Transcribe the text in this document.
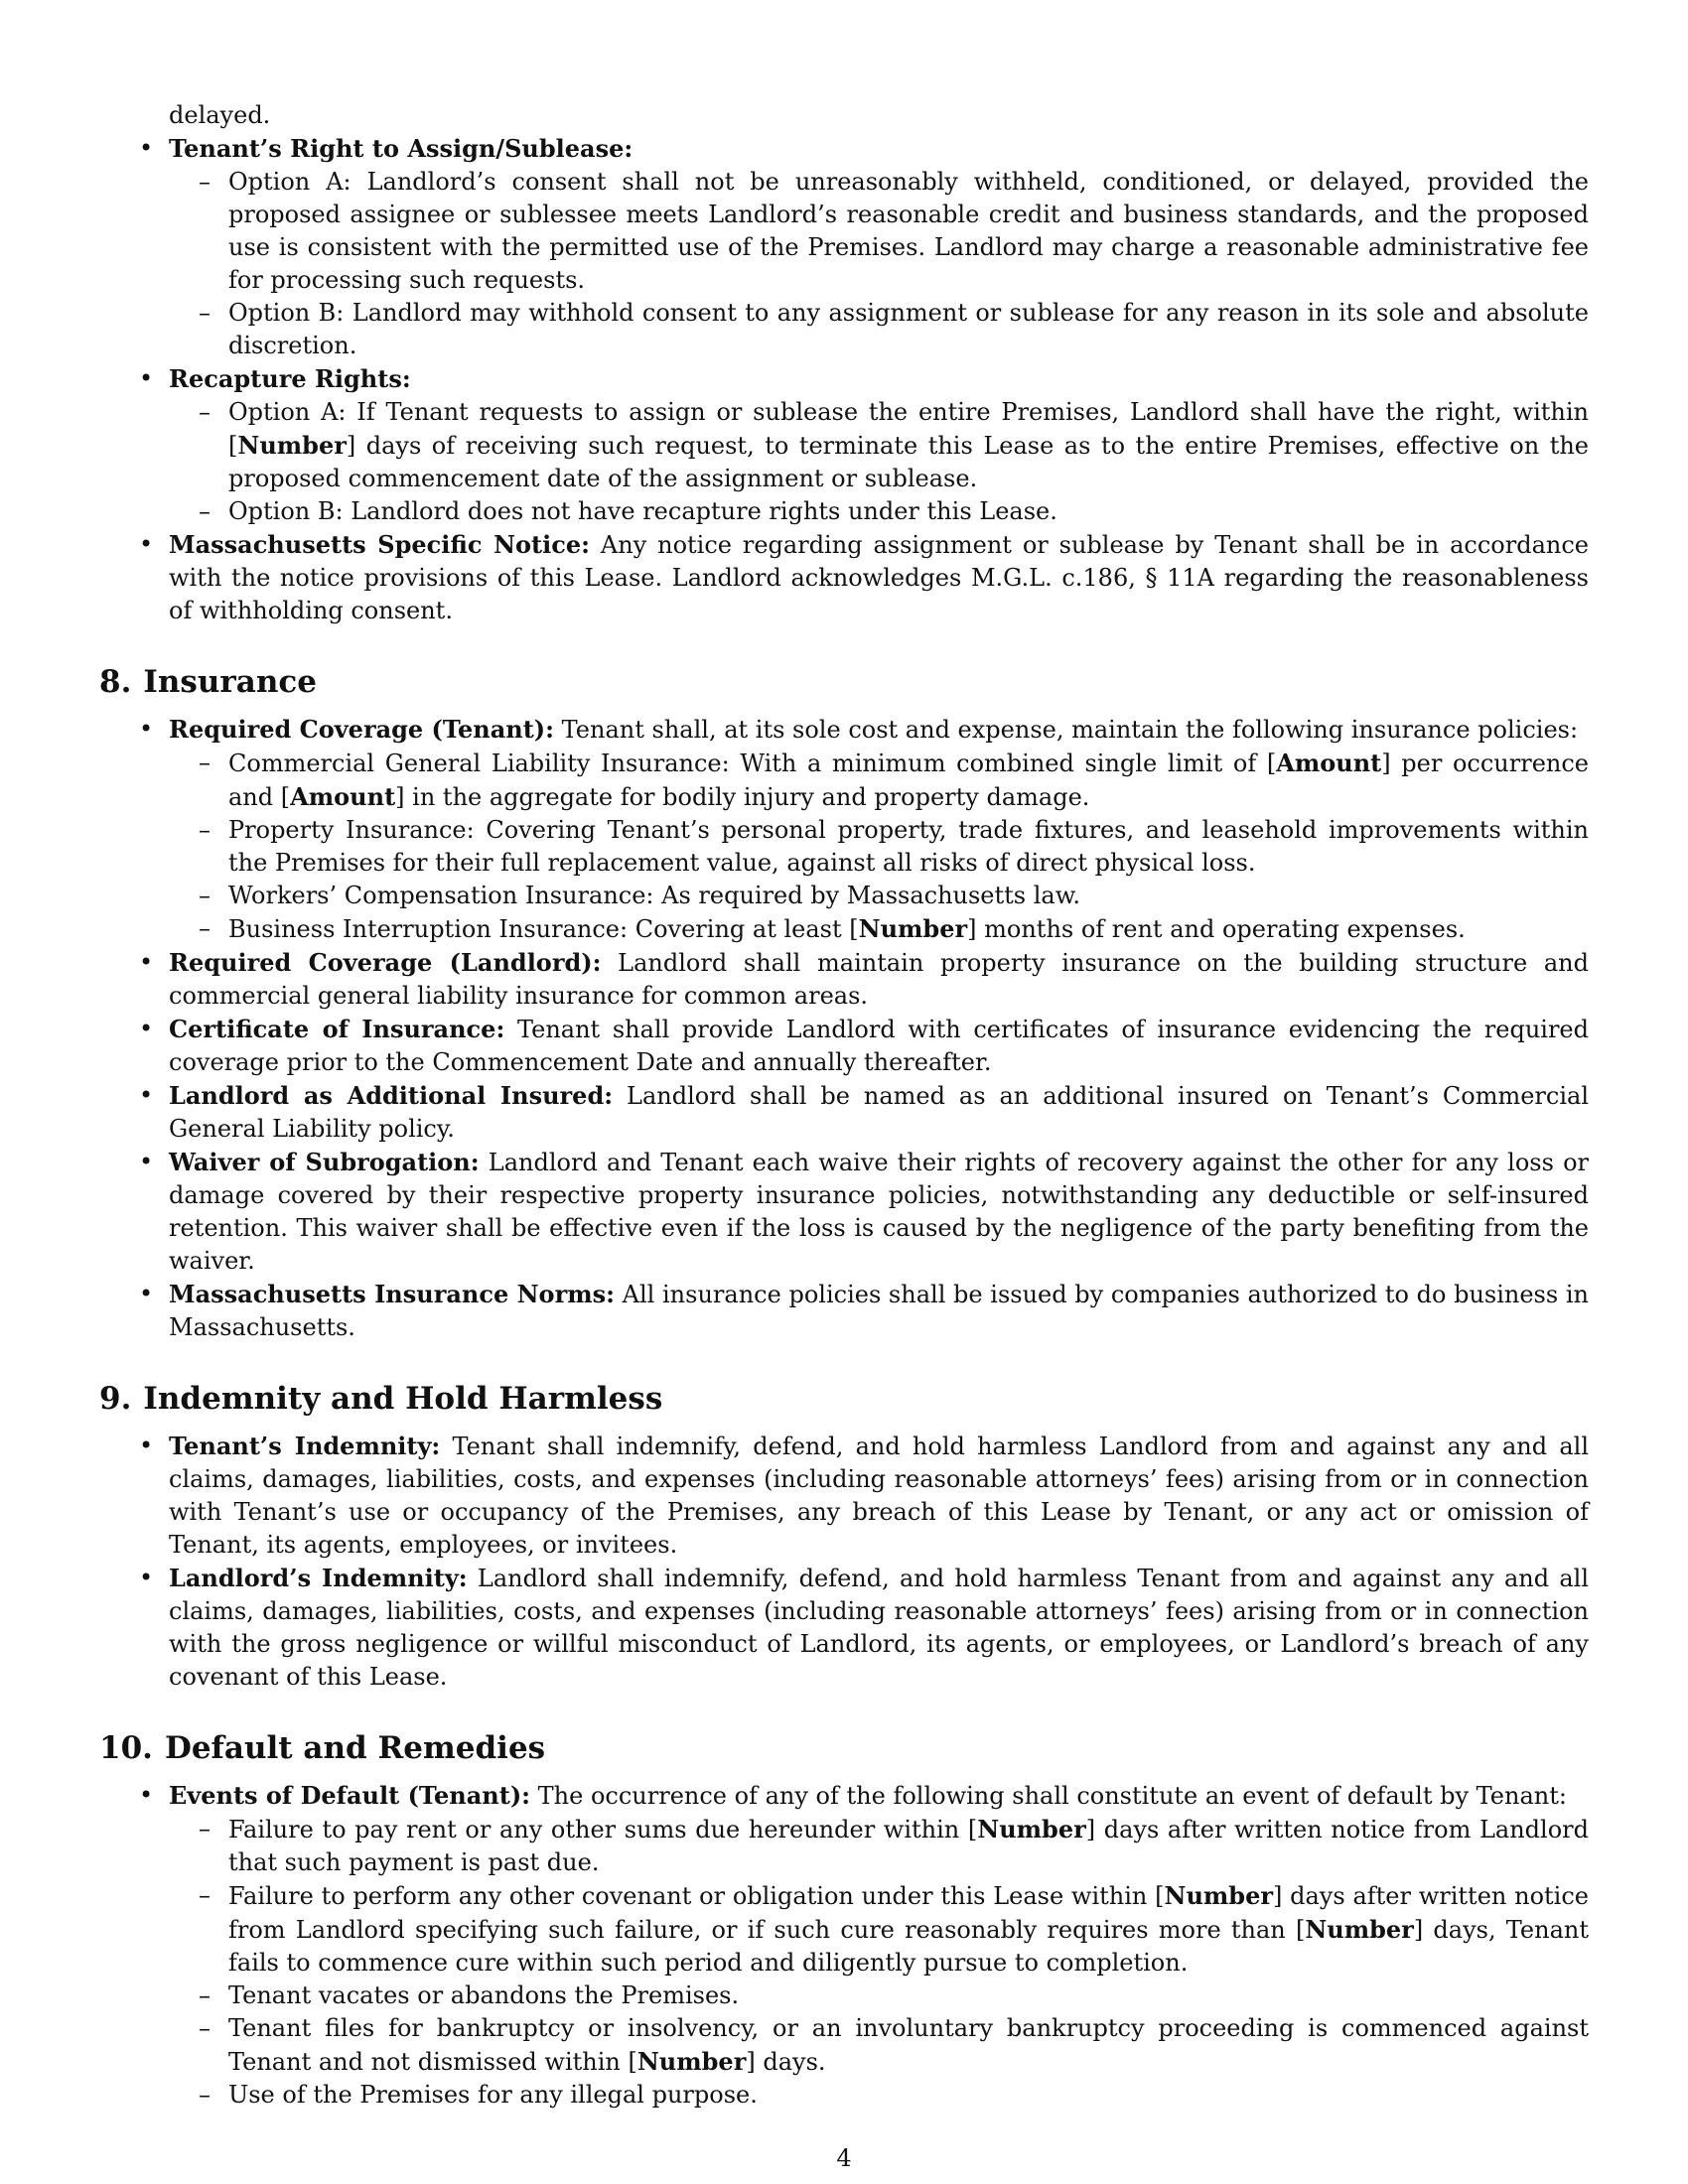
delayed.

• Tenant’s Right to Assign/Sublease:
– Option A: Landlord’s consent shall not be unreasonably withheld, conditioned, or delayed, provided the proposed assignee or sublessee meets Landlord’s reasonable credit and business standards, and the proposed use is consistent with the permitted use of the Premises. Landlord may charge a reasonable administrative fee for processing such requests.
– Option B: Landlord may withhold consent to any assignment or sublease for any reason in its sole and absolute discretion.
• Recapture Rights:
– Option A: If Tenant requests to assign or sublease the entire Premises, Landlord shall have the right, within [Number] days of receiving such request, to terminate this Lease as to the entire Premises, effective on the proposed commencement date of the assignment or sublease.
– Option B: Landlord does not have recapture rights under this Lease.
• Massachusetts Specific Notice: Any notice regarding assignment or sublease by Tenant shall be in accordance with the notice provisions of this Lease. Landlord acknowledges M.G.L. c.186, § 11A regarding the reasonableness of withholding consent.
8. Insurance
• Required Coverage (Tenant): Tenant shall, at its sole cost and expense, maintain the following insurance policies:
– Commercial General Liability Insurance: With a minimum combined single limit of [Amount] per occurrence and [Amount] in the aggregate for bodily injury and property damage.
– Property Insurance: Covering Tenant’s personal property, trade fixtures, and leasehold improvements within the Premises for their full replacement value, against all risks of direct physical loss.
– Workers’ Compensation Insurance: As required by Massachusetts law.
– Business Interruption Insurance: Covering at least [Number] months of rent and operating expenses.
• Required Coverage (Landlord): Landlord shall maintain property insurance on the building structure and commercial general liability insurance for common areas.
• Certificate of Insurance: Tenant shall provide Landlord with certificates of insurance evidencing the required coverage prior to the Commencement Date and annually thereafter.
• Landlord as Additional Insured: Landlord shall be named as an additional insured on Tenant’s Commercial General Liability policy.
• Waiver of Subrogation: Landlord and Tenant each waive their rights of recovery against the other for any loss or damage covered by their respective property insurance policies, notwithstanding any deductible or self-insured retention. This waiver shall be effective even if the loss is caused by the negligence of the party benefiting from the waiver.
• Massachusetts Insurance Norms: All insurance policies shall be issued by companies authorized to do business in Massachusetts.
9. Indemnity and Hold Harmless
• Tenant’s Indemnity: Tenant shall indemnify, defend, and hold harmless Landlord from and against any and all claims, damages, liabilities, costs, and expenses (including reasonable attorneys’ fees) arising from or in connection with Tenant’s use or occupancy of the Premises, any breach of this Lease by Tenant, or any act or omission of Tenant, its agents, employees, or invitees.
• Landlord’s Indemnity: Landlord shall indemnify, defend, and hold harmless Tenant from and against any and all claims, damages, liabilities, costs, and expenses (including reasonable attorneys’ fees) arising from or in connection with the gross negligence or willful misconduct of Landlord, its agents, or employees, or Landlord’s breach of any covenant of this Lease.
10. Default and Remedies
• Events of Default (Tenant): The occurrence of any of the following shall constitute an event of default by Tenant:
– Failure to pay rent or any other sums due hereunder within [Number] days after written notice from Landlord that such payment is past due.
– Failure to perform any other covenant or obligation under this Lease within [Number] days after written notice from Landlord specifying such failure, or if such cure reasonably requires more than [Number] days, Tenant fails to commence cure within such period and diligently pursue to completion.
– Tenant vacates or abandons the Premises.
– Tenant files for bankruptcy or insolvency, or an involuntary bankruptcy proceeding is commenced against Tenant and not dismissed within [Number] days.
– Use of the Premises for any illegal purpose.
4
